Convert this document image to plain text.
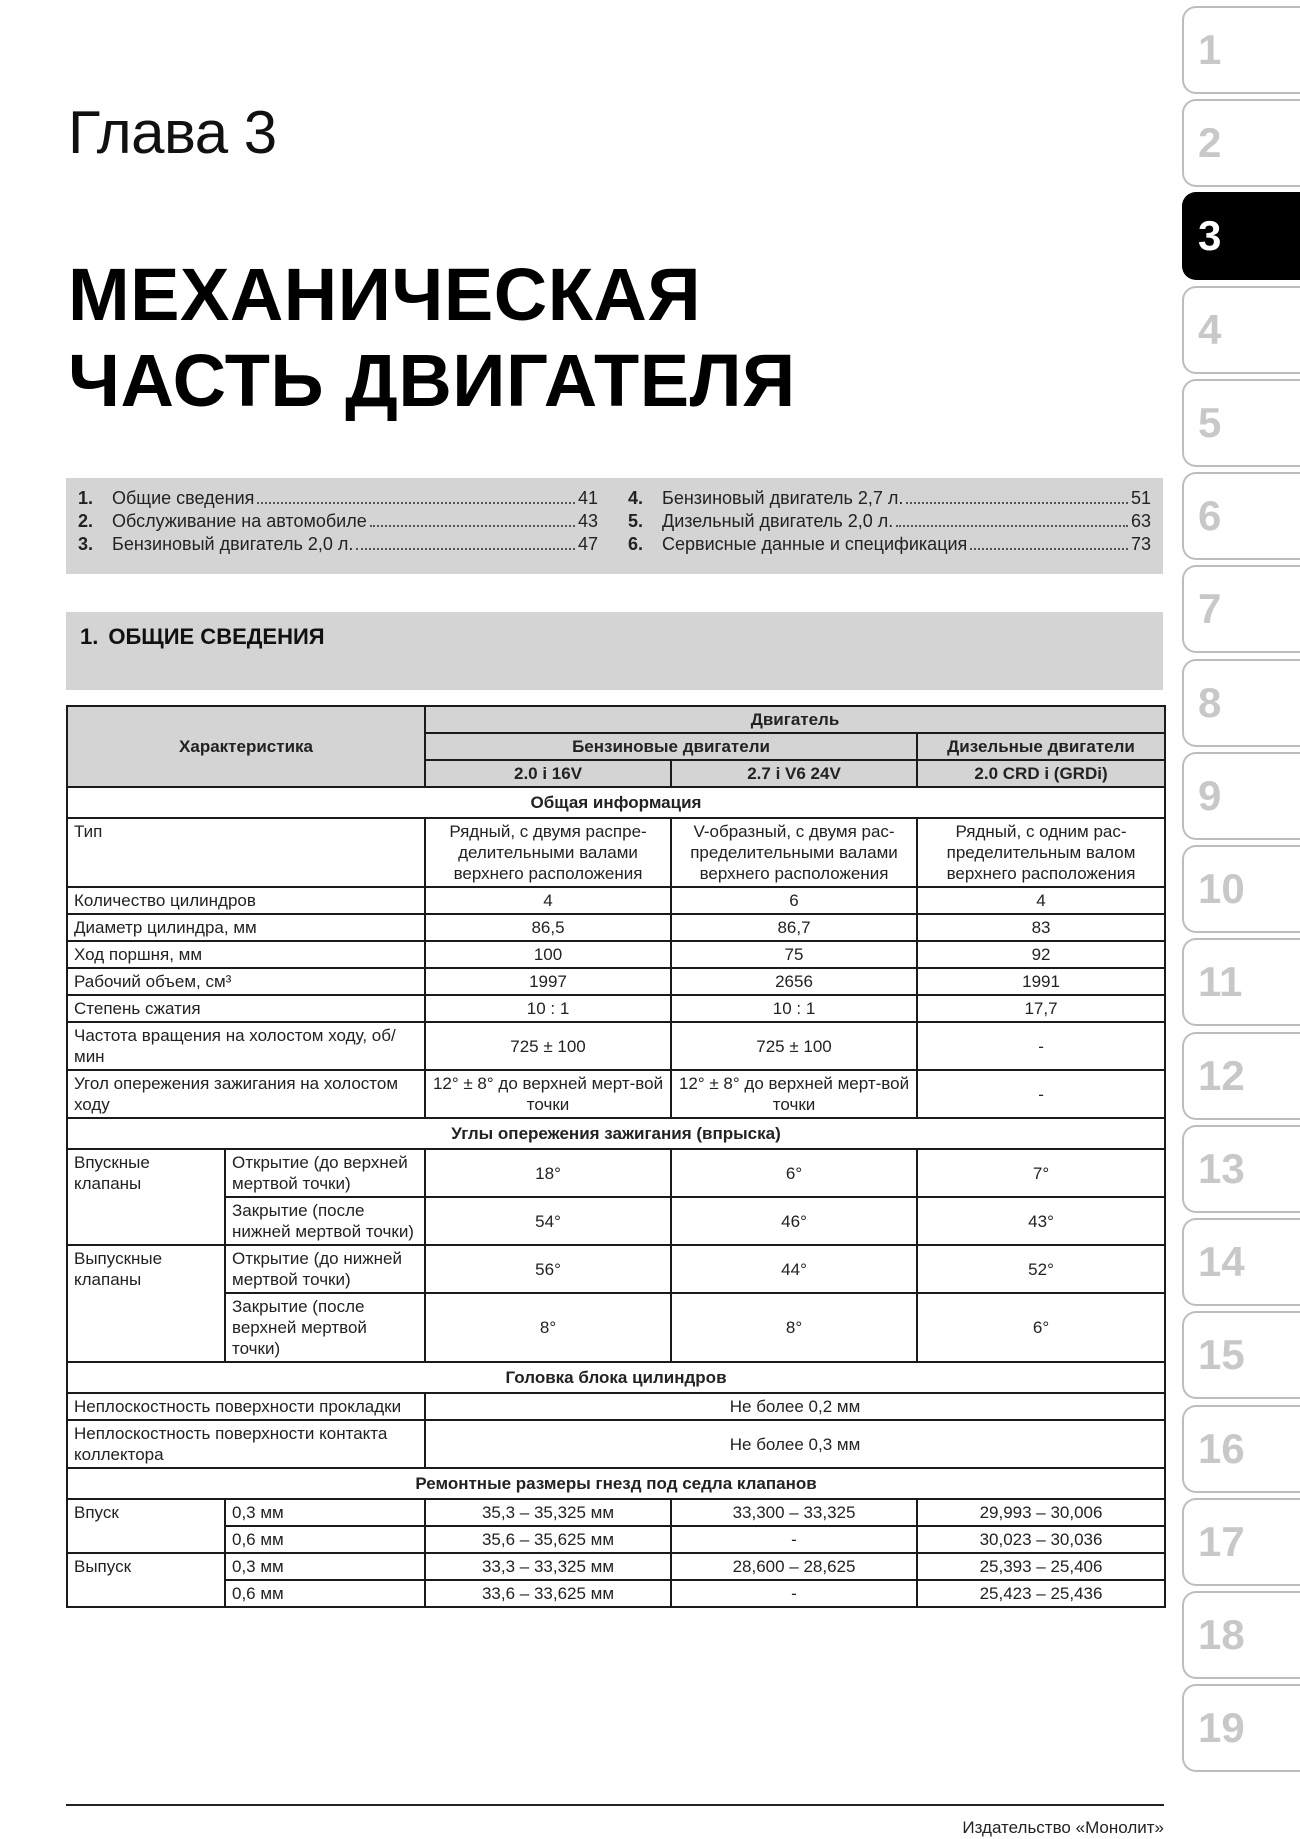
Глава 3
МЕХАНИЧЕСКАЯ
ЧАСТЬ ДВИГАТЕЛЯ
1.	Общие сведения	41
2.	Обслуживание на автомобиле	43
3.	Бензиновый двигатель 2,0 л.	47
4.	Бензиновый двигатель 2,7 л.	51
5.	Дизельный двигатель 2,0 л.	63
6.	Сервисные данные и спецификация	73
1. ОБЩИЕ СВЕДЕНИЯ
Характеристика		Двигатель		
		Бензиновые двигатели		Дизельные двигатели
		2.0 i 16V	2.7 i V6 24V	2.0 CRD i (GRDi)
Общая информация				
Тип		Рядный, с двумя распре-делительными валами верхнего расположения	V-образный, с двумя рас-пределительными валами верхнего расположения	Рядный, с одним рас-пределительным валом верхнего расположения
Количество цилиндров		4	6	4
Диаметр цилиндра, мм		86,5	86,7	83
Ход поршня, мм		100	75	92
Рабочий объем, см³		1997	2656	1991
Степень сжатия		10 : 1	10 : 1	17,7
Частота вращения на холостом ходу, об/мин		725 ± 100	725 ± 100	-
Угол опережения зажигания на холостом ходу		12° ± 8° до верхней мерт-вой точки	12° ± 8° до верхней мерт-вой точки	-
Углы опережения зажигания (впрыска)				
Впускные клапаны	Открытие (до верхней мертвой точки)	18°	6°	7°
	Закрытие (после нижней мертвой точки)	54°	46°	43°
Выпускные клапаны	Открытие (до нижней мертвой точки)	56°	44°	52°
	Закрытие (после верхней мертвой точки)	8°	8°	6°
Головка блока цилиндров				
Неплоскостность поверхности прокладки		Не более 0,2 мм		
Неплоскостность поверхности контакта коллектора		Не более 0,3 мм		
Ремонтные размеры гнезд под седла клапанов				
Впуск	0,3 мм	35,3 – 35,325 мм	33,300 – 33,325	29,993 – 30,006
	0,6 мм	35,6 – 35,625 мм	-	30,023 – 30,036
Выпуск	0,3 мм	33,3 – 33,325 мм	28,600 – 28,625	25,393 – 25,406
	0,6 мм	33,6 – 33,625 мм	-	25,423 – 25,436
Издательство «Монолит»
1
2
3
4
5
6
7
8
9
10
11
12
13
14
15
16
17
18
19
